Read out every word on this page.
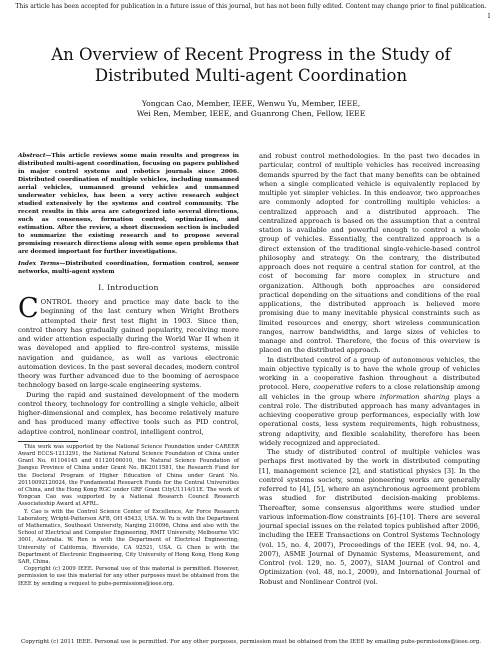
This article has been accepted for publication in a future issue of this journal, but has not been fully edited. Content may change prior to final publication.
1
An Overview of Recent Progress in the Study of
Distributed Multi-agent Coordination
Yongcan Cao, Member, IEEE, Wenwu Yu, Member, IEEE,
Wei Ren, Member, IEEE, and Guanrong Chen, Fellow, IEEE

Abstract—This article reviews some main results and progress in distributed multi-agent coordination, focusing on papers published in major control systems and robotics journals since 2006. Distributed coordination of multiple vehicles, including unmanned aerial vehicles, unmanned ground vehicles and unmanned underwater vehicles, has been a very active research subject studied extensively by the systems and control community. The recent results in this area are categorized into several directions, such as consensus, formation control, optimization, and estimation. After the review, a short discussion section is included to summarize the existing research and to propose several promising research directions along with some open problems that are deemed important for further investigations.

Index Terms—Distributed coordination, formation control, sensor networks, multi-agent system

I. Introduction

CONTROL theory and practice may date back to the beginning of the last century when Wright Brothers attempted their first test flight in 1903. Since then, control theory has gradually gained popularity, receiving more and wider attention especially during the World War II when it was developed and applied to fire-control systems, missile navigation and guidance, as well as various electronic automation devices. In the past several decades, modern control theory was further advanced due to the booming of aerospace technology based on large-scale engineering systems.

During the rapid and sustained development of the modern control theory, technology for controlling a single vehicle, albeit higher-dimensional and complex, has become relatively mature and has produced many effective tools such as PID control, adaptive control, nonlinear control, intelligent control,

This work was supported by the National Science Foundation under CAREER Award ECCS-1213291, the National Natural Science Foundation of China under Grant No. 61104145 and 61120106010, the Natural Science Foundation of Jiangsu Province of China under Grant No. BK2011581, the Research Fund for the Doctoral Program of Higher Education of China under Grant No. 20110092120024, the Fundamental Research Funds for the Central Universities of China, and the Hong Kong RGC under GRF Grant CityU1114/11E. The work of Yongcan Cao was supported by a National Research Council Research Associateship Award at AFRL.

Y. Cao is with the Control Science Center of Excellence, Air Force Research Laboratory, Wright-Patterson AFB, OH 45433, USA. W. Yu is with the Department of Mathematics, Southeast University, Nanjing 210096, China and also with the School of Electrical and Computer Engineering, RMIT University, Melbourne VIC 3001, Australia. W. Ren is with the Department of Electrical Engineering, University of California, Riverside, CA 92521, USA. G. Chen is with the Department of Electronic Engineering, City University of Hong Kong, Hong Kong SAR, China.

Copyright (c) 2009 IEEE. Personal use of this material is permitted. However, permission to use this material for any other purposes must be obtained from the IEEE by sending a request to pubs-permissions@ieee.org.

and robust control methodologies. In the past two decades in particular, control of multiple vehicles has received increasing demands spurred by the fact that many benefits can be obtained when a single complicated vehicle is equivalently replaced by multiple yet simpler vehicles. In this endeavor, two approaches are commonly adopted for controlling multiple vehicles: a centralized approach and a distributed approach. The centralized approach is based on the assumption that a central station is available and powerful enough to control a whole group of vehicles. Essentially, the centralized approach is a direct extension of the traditional single-vehicle-based control philosophy and strategy. On the contrary, the distributed approach does not require a central station for control, at the cost of becoming far more complex in structure and organization. Although both approaches are considered practical depending on the situations and conditions of the real applications, the distributed approach is believed more promising due to many inevitable physical constraints such as limited resources and energy, short wireless communication ranges, narrow bandwidths, and large sizes of vehicles to manage and control. Therefore, the focus of this overview is placed on the distributed approach.

In distributed control of a group of autonomous vehicles, the main objective typically is to have the whole group of vehicles working in a cooperative fashion throughout a distributed protocol. Here, cooperative refers to a close relationship among all vehicles in the group where information sharing plays a central role. The distributed approach has many advantages in achieving cooperative group performances, especially with low operational costs, less system requirements, high robustness, strong adaptivity, and flexible scalability, therefore has been widely recognized and appreciated.

The study of distributed control of multiple vehicles was perhaps first motivated by the work in distributed computing [1], management science [2], and statistical physics [3]. In the control systems society, some pioneering works are generally referred to [4], [5], where an asynchronous agreement problem was studied for distributed decision-making problems. Thereafter, some consensus algorithms were studied under various information-flow constraints [6]–[10]. There are several journal special issues on the related topics published after 2006, including the IEEE Transactions on Control Systems Technology (vol. 15, no. 4, 2007), Proceedings of the IEEE (vol. 94, no. 4, 2007), ASME Journal of Dynamic Systems, Measurement, and Control (vol. 129, no. 5, 2007), SIAM Journal of Control and Optimization (vol. 48, no.1, 2009), and International Journal of Robust and Nonlinear Control (vol.

Copyright (c) 2011 IEEE. Personal use is permitted. For any other purposes, permission must be obtained from the IEEE by emailing pubs-permissions@ieee.org.
